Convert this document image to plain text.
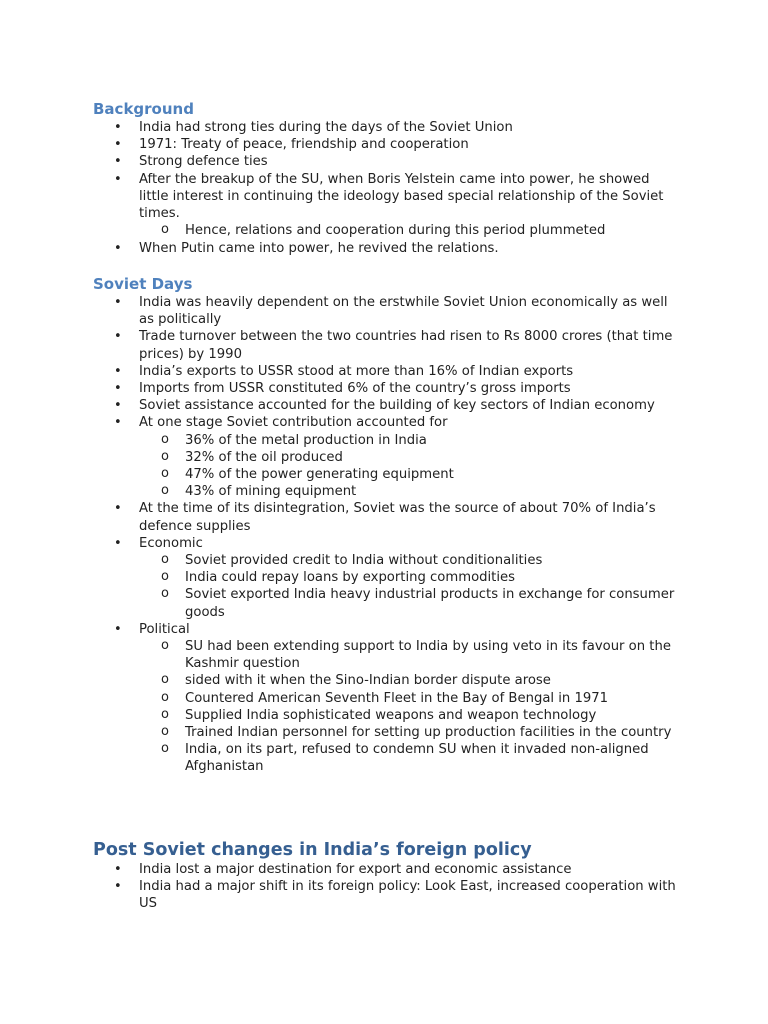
Background
• India had strong ties during the days of the Soviet Union
• 1971: Treaty of peace, friendship and cooperation
• Strong defence ties
• After the breakup of the SU, when Boris Yelstein came into power, he showed little interest in continuing the ideology based special relationship of the Soviet times.
o Hence, relations and cooperation during this period plummeted
• When Putin came into power, he revived the relations.
Soviet Days
• India was heavily dependent on the erstwhile Soviet Union economically as well as politically
• Trade turnover between the two countries had risen to Rs 8000 crores (that time prices) by 1990
• India’s exports to USSR stood at more than 16% of Indian exports
• Imports from USSR constituted 6% of the country’s gross imports
• Soviet assistance accounted for the building of key sectors of Indian economy
• At one stage Soviet contribution accounted for
o 36% of the metal production in India
o 32% of the oil produced
o 47% of the power generating equipment
o 43% of mining equipment
• At the time of its disintegration, Soviet was the source of about 70% of India’s defence supplies
• Economic
o Soviet provided credit to India without conditionalities
o India could repay loans by exporting commodities
o Soviet exported India heavy industrial products in exchange for consumer goods
• Political
o SU had been extending support to India by using veto in its favour on the Kashmir question
o sided with it when the Sino-Indian border dispute arose
o Countered American Seventh Fleet in the Bay of Bengal in 1971
o Supplied India sophisticated weapons and weapon technology
o Trained Indian personnel for setting up production facilities in the country
o India, on its part, refused to condemn SU when it invaded non-aligned Afghanistan
Post Soviet changes in India’s foreign policy
• India lost a major destination for export and economic assistance
• India had a major shift in its foreign policy: Look East, increased cooperation with US
